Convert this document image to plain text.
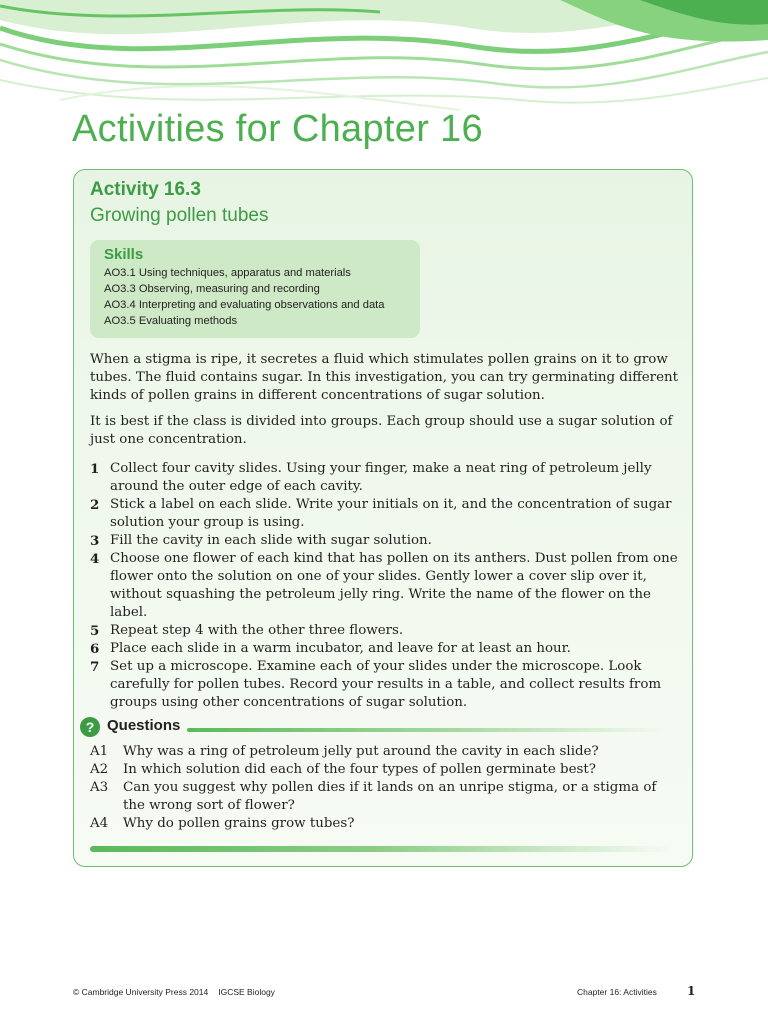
Activities for Chapter 16
Activity 16.3
Growing pollen tubes
Skills
AO3.1 Using techniques, apparatus and materials
AO3.3 Observing, measuring and recording
AO3.4 Interpreting and evaluating observations and data
AO3.5 Evaluating methods

When a stigma is ripe, it secretes a fluid which stimulates pollen grains on it to grow tubes. The fluid contains sugar. In this investigation, you can try germinating different kinds of pollen grains in different concentrations of sugar solution.

It is best if the class is divided into groups. Each group should use a sugar solution of just one concentration.

1 Collect four cavity slides. Using your finger, make a neat ring of petroleum jelly around the outer edge of each cavity.
2 Stick a label on each slide. Write your initials on it, and the concentration of sugar solution your group is using.
3 Fill the cavity in each slide with sugar solution.
4 Choose one flower of each kind that has pollen on its anthers. Dust pollen from one flower onto the solution on one of your slides. Gently lower a cover slip over it, without squashing the petroleum jelly ring. Write the name of the flower on the label.
5 Repeat step 4 with the other three flowers.
6 Place each slide in a warm incubator, and leave for at least an hour.
7 Set up a microscope. Examine each of your slides under the microscope. Look carefully for pollen tubes. Record your results in a table, and collect results from groups using other concentrations of sugar solution.
? Questions
A1 Why was a ring of petroleum jelly put around the cavity in each slide?
A2 In which solution did each of the four types of pollen germinate best?
A3 Can you suggest why pollen dies if it lands on an unripe stigma, or a stigma of the wrong sort of flower?
A4 Why do pollen grains grow tubes?
© Cambridge University Press 2014 IGCSE Biology	Chapter 16: Activities	1
